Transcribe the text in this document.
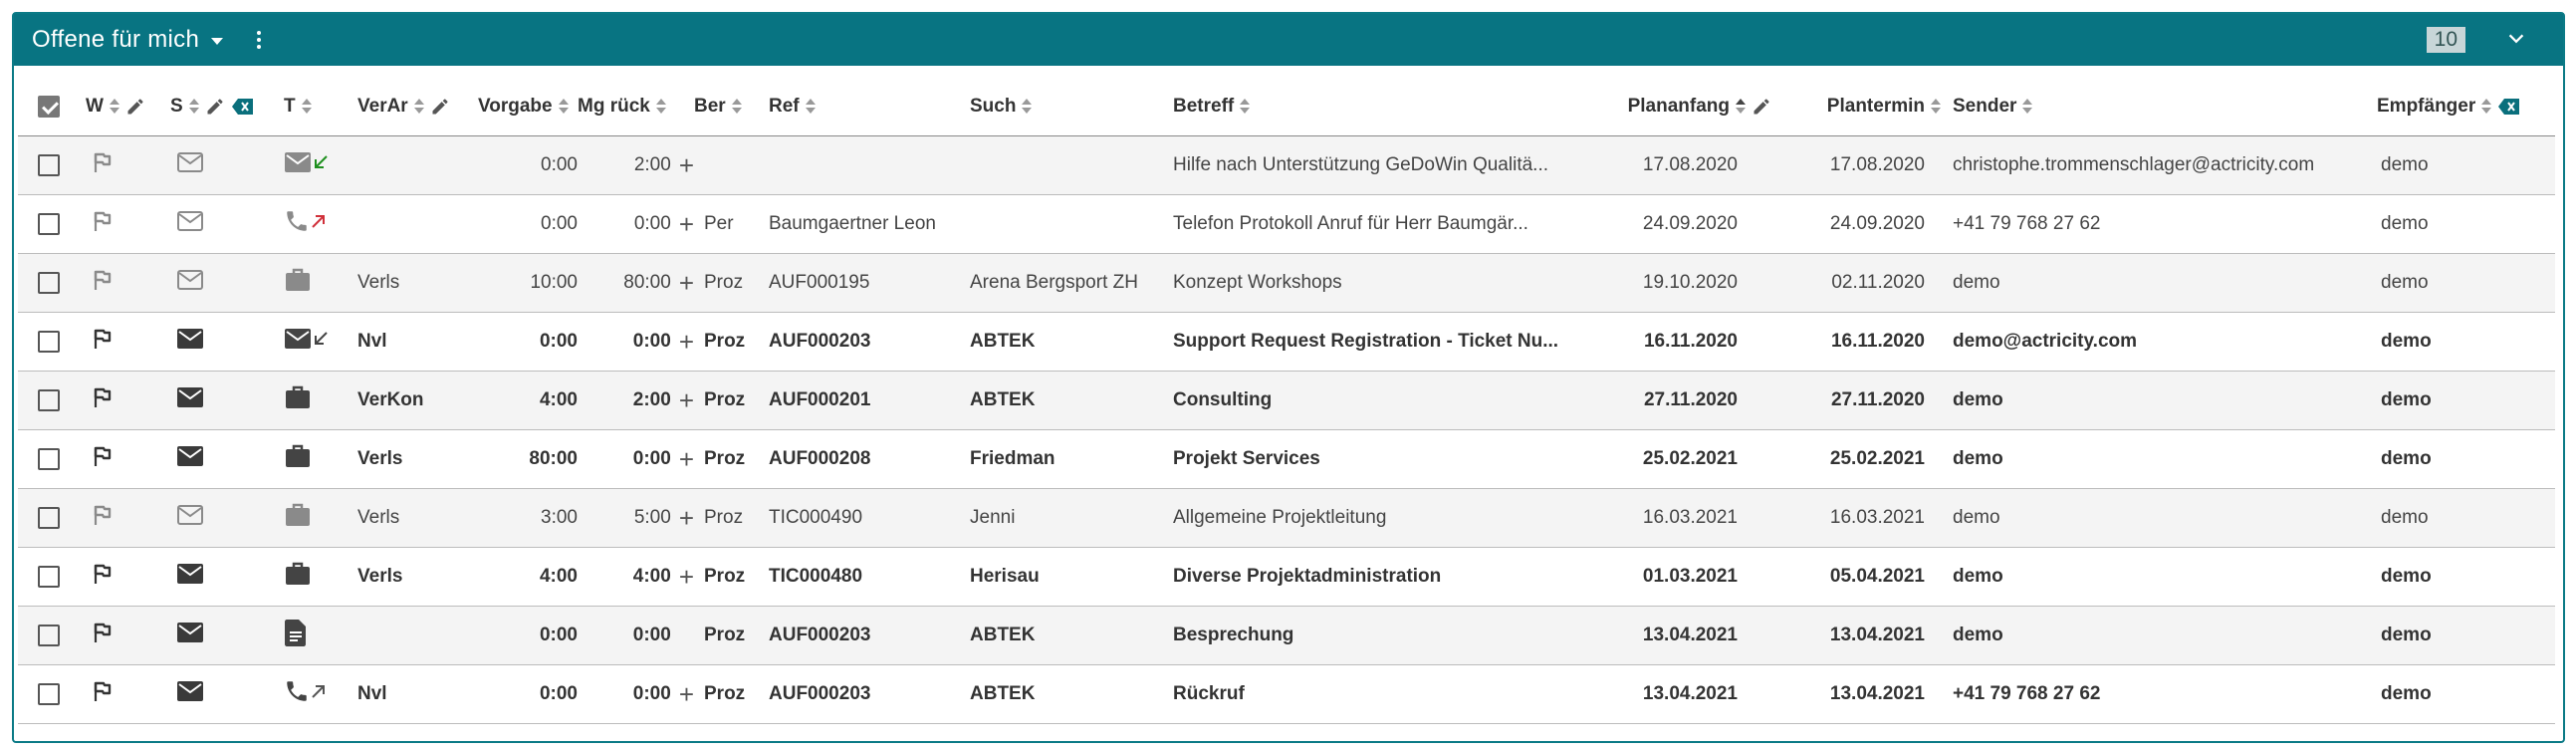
Offene für mich	10

	W	S	T	VerAr	Vorgabe	Mg rück	Ber	Ref	Such	Betreff	Plananfang	Plantermin	Sender	Empfänger

		0:00	2:00 +				Hilfe nach Unterstützung GeDoWin Qualitä...	17.08.2020	17.08.2020	christophe.trommenschlager@actricity.com	demo

		0:00	0:00 +	Per	Baumgaertner Leon		Telefon Protokoll Anruf für Herr Baumgär...	24.09.2020	24.09.2020	+41 79 768 27 62	demo

	Verls	10:00	80:00 +	Proz	AUF000195	Arena Bergsport ZH	Konzept Workshops	19.10.2020	02.11.2020	demo	demo

	Nvl	0:00	0:00 +	Proz	AUF000203	ABTEK	Support Request Registration - Ticket Nu...	16.11.2020	16.11.2020	demo@actricity.com	demo

	VerKon	4:00	2:00 +	Proz	AUF000201	ABTEK	Consulting	27.11.2020	27.11.2020	demo	demo

	Verls	80:00	0:00 +	Proz	AUF000208	Friedman	Projekt Services	25.02.2021	25.02.2021	demo	demo

	Verls	3:00	5:00 +	Proz	TIC000490	Jenni	Allgemeine Projektleitung	16.03.2021	16.03.2021	demo	demo

	Verls	4:00	4:00 +	Proz	TIC000480	Herisau	Diverse Projektadministration	01.03.2021	05.04.2021	demo	demo

		0:00	0:00	Proz	AUF000203	ABTEK	Besprechung	13.04.2021	13.04.2021	demo	demo

	Nvl	0:00	0:00 +	Proz	AUF000203	ABTEK	Rückruf	13.04.2021	13.04.2021	+41 79 768 27 62	demo
